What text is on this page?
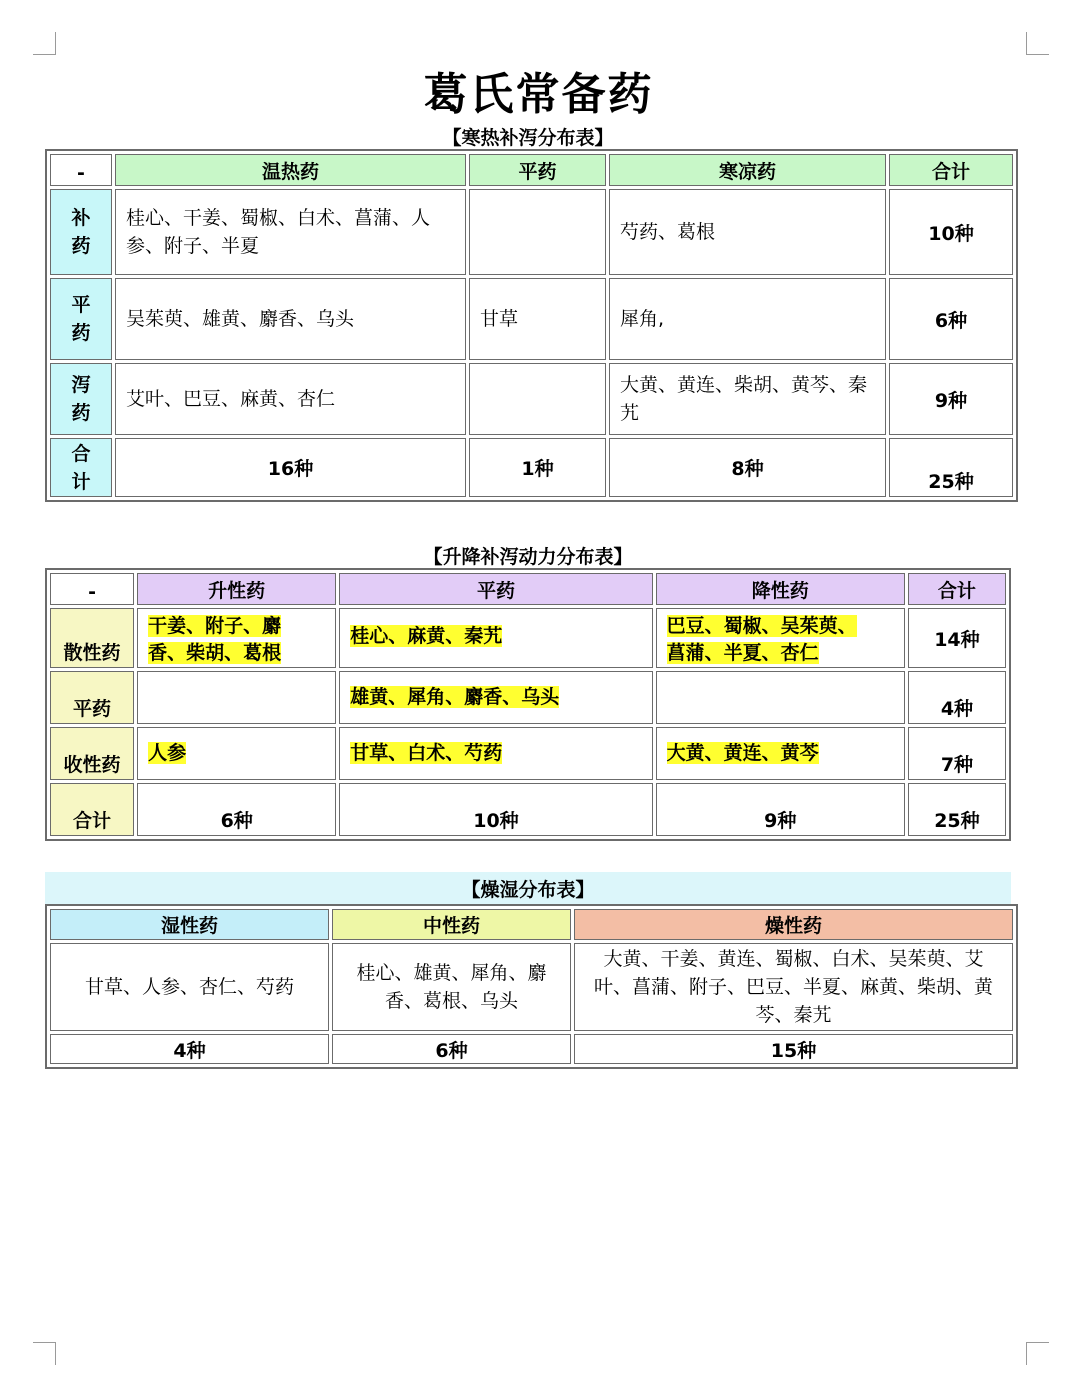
葛氏常备药
【寒热补泻分布表】
-	温热药	平药	寒凉药	合计
补药	桂心、干姜、蜀椒、白术、菖蒲、人参、附子、半夏		芍药、葛根	10种
平药	吴茱萸、雄黄、麝香、乌头	甘草	犀角,	6种
泻药	艾叶、巴豆、麻黄、杏仁		大黄、黄连、柴胡、黄芩、秦艽	9种
合计	16种	1种	8种	25种
【升降补泻动力分布表】
-	升性药	平药	降性药	合计
散性药	干姜、附子、麝香、柴胡、葛根	桂心、麻黄、秦艽	巴豆、蜀椒、吴茱萸、菖蒲、半夏、杏仁	14种
平药		雄黄、犀角、麝香、乌头		4种
收性药	人参	甘草、白术、芍药	大黄、黄连、黄芩	7种
合计	6种	10种	9种	25种
【燥湿分布表】
湿性药	中性药	燥性药
甘草、人参、杏仁、芍药	桂心、雄黄、犀角、麝香、葛根、乌头	大黄、干姜、黄连、蜀椒、白术、吴茱萸、艾叶、菖蒲、附子、巴豆、半夏、麻黄、柴胡、黄芩、秦艽
4种	6种	15种
